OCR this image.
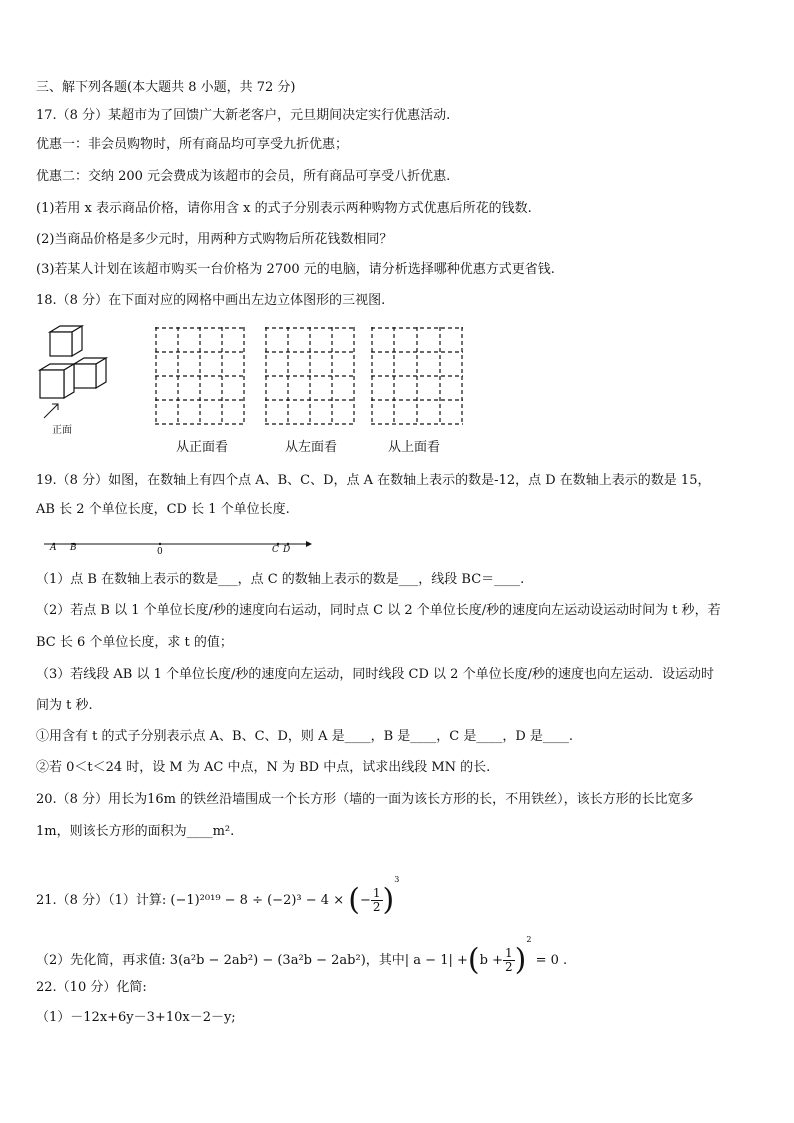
三、解下列各题(本大题共 8 小题，共 72 分)
17.（8 分）某超市为了回馈广大新老客户，元旦期间决定实行优惠活动.
优惠一：非会员购物时，所有商品均可享受九折优惠；
优惠二：交纳 200 元会费成为该超市的会员，所有商品可享受八折优惠.
(1)若用 x 表示商品价格，请你用含 x 的式子分别表示两种购物方式优惠后所花的钱数.
(2)当商品价格是多少元时，用两种方式购物后所花钱数相同？
(3)若某人计划在该超市购买一台价格为 2700 元的电脑，请分析选择哪种优惠方式更省钱.
18.（8 分）在下面对应的网格中画出左边立体图形的三视图.
正面
从正面看	从左面看	从上面看
19.（8 分）如图，在数轴上有四个点 A、B、C、D，点 A 在数轴上表示的数是-12，点 D 在数轴上表示的数是 15，
AB 长 2 个单位长度，CD 长 1 个单位长度.
A B	0	C D
（1）点 B 在数轴上表示的数是___，点 C 的数轴上表示的数是___，线段 BC＝____.
（2）若点 B 以 1 个单位长度/秒的速度向右运动，同时点 C 以 2 个单位长度/秒的速度向左运动设运动时间为 t 秒，若
BC 长 6 个单位长度，求 t 的值；
（3）若线段 AB 以 1 个单位长度/秒的速度向左运动，同时线段 CD 以 2 个单位长度/秒的速度也向左运动．设运动时
间为 t 秒.
①用含有 t 的式子分别表示点 A、B、C、D，则 A 是____，B 是____，C 是____，D 是____.
②若 0＜t＜24 时，设 M 为 AC 中点，N 为 BD 中点，试求出线段 MN 的长.
20.（8 分）用长为16m 的铁丝沿墙围成一个长方形（墙的一面为该长方形的长，不用铁丝），该长方形的长比宽多
1m，则该长方形的面积为____m².
21.（8 分）（1）计算: (−1)²⁰¹⁹ − 8 ÷ (−2)³ − 4 × (− $\frac{1}{2} )^3$
（2）先化简，再求值: 3(a²b − 2ab²) − (3a²b − 2ab²)，其中| $a - 1| +(b + \frac{1}{2} )^2 = 0$ .
22.（10 分）化简:
（1）－12x+6y－3+10x－2－y;
